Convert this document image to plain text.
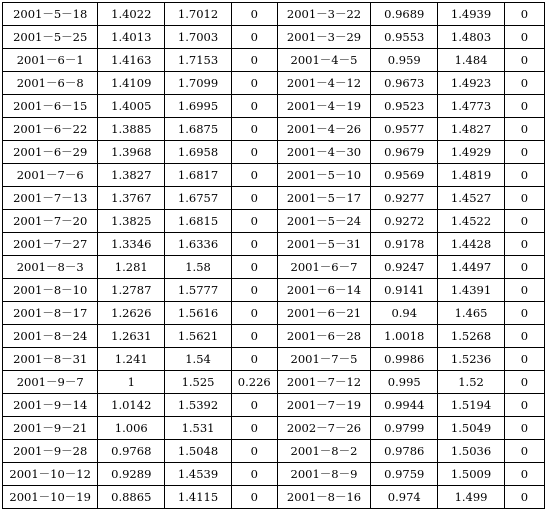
2001－5－18	1.4022	1.7012	0	2001－3－22	0.9689	1.4939	0
2001－5－25	1.4013	1.7003	0	2001－3－29	0.9553	1.4803	0
2001－6－1	1.4163	1.7153	0	2001－4－5	0.959	1.484	0
2001－6－8	1.4109	1.7099	0	2001－4－12	0.9673	1.4923	0
2001－6－15	1.4005	1.6995	0	2001－4－19	0.9523	1.4773	0
2001－6－22	1.3885	1.6875	0	2001－4－26	0.9577	1.4827	0
2001－6－29	1.3968	1.6958	0	2001－4－30	0.9679	1.4929	0
2001－7－6	1.3827	1.6817	0	2001－5－10	0.9569	1.4819	0
2001－7－13	1.3767	1.6757	0	2001－5－17	0.9277	1.4527	0
2001－7－20	1.3825	1.6815	0	2001－5－24	0.9272	1.4522	0
2001－7－27	1.3346	1.6336	0	2001－5－31	0.9178	1.4428	0
2001－8－3	1.281	1.58	0	2001－6－7	0.9247	1.4497	0
2001－8－10	1.2787	1.5777	0	2001－6－14	0.9141	1.4391	0
2001－8－17	1.2626	1.5616	0	2001－6－21	0.94	1.465	0
2001－8－24	1.2631	1.5621	0	2001－6－28	1.0018	1.5268	0
2001－8－31	1.241	1.54	0	2001－7－5	0.9986	1.5236	0
2001－9－7	1	1.525	0.226	2001－7－12	0.995	1.52	0
2001－9－14	1.0142	1.5392	0	2001－7－19	0.9944	1.5194	0
2001－9－21	1.006	1.531	0	2002－7－26	0.9799	1.5049	0
2001－9－28	0.9768	1.5048	0	2001－8－2	0.9786	1.5036	0
2001－10－12	0.9289	1.4539	0	2001－8－9	0.9759	1.5009	0
2001－10－19	0.8865	1.4115	0	2001－8－16	0.974	1.499	0
